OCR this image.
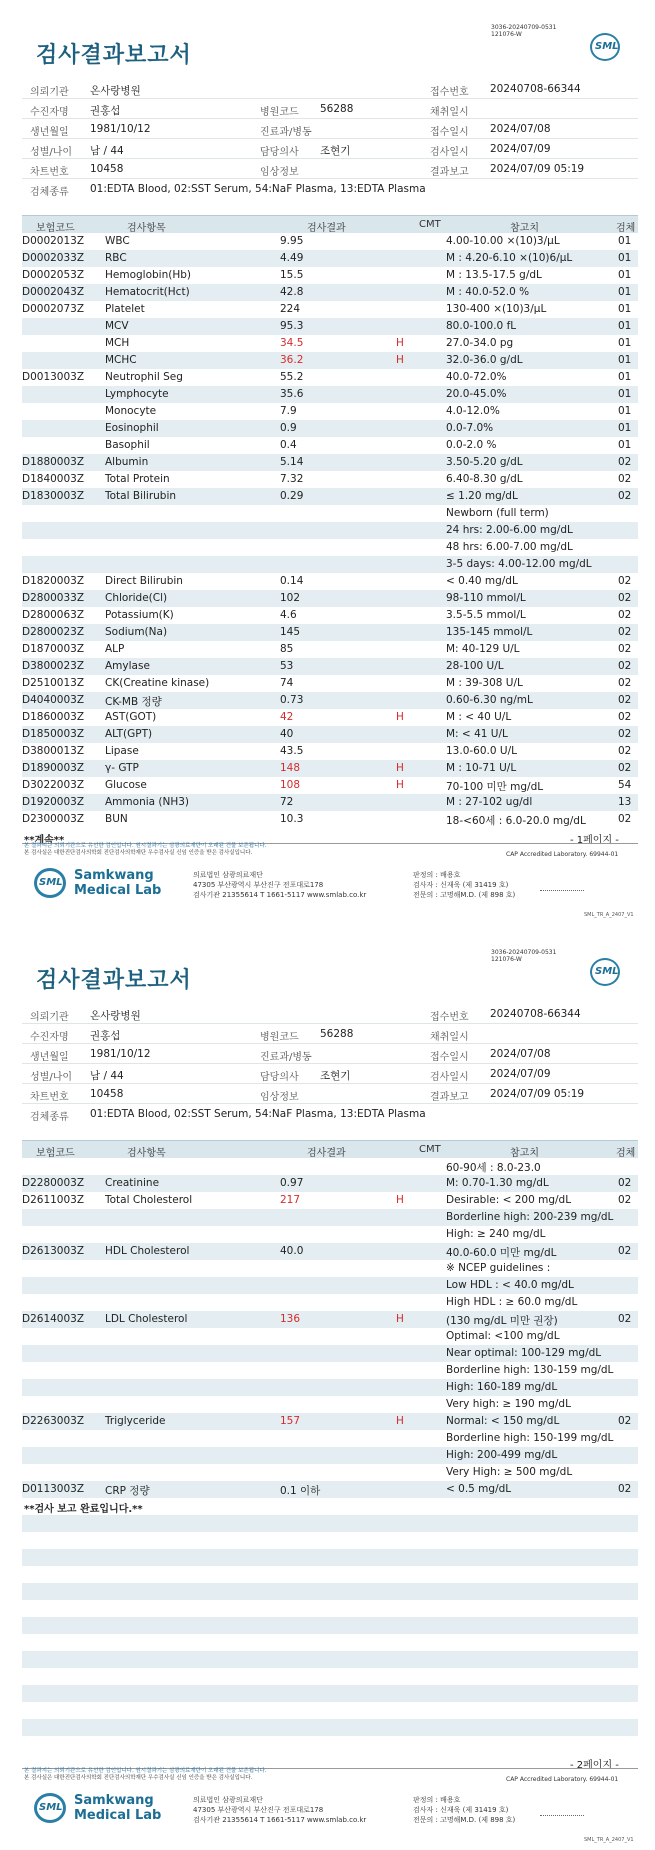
3036-20240709-0531
121076-W
검사결과보고서	SML
의뢰기관 온사랑병원	접수번호 20240708-66344
수진자명 권홍섭	병원코드 56288	채취일시
생년월일 1981/10/12	진료과/병동	접수일시 2024/07/08
성별/나이 남 / 44	담당의사 조현기	검사일시 2024/07/09
차트번호 10458	임상정보	결과보고 2024/07/09 05:19
검체종류 01:EDTA Blood, 02:SST Serum, 54:NaF Plasma, 13:EDTA Plasma
보험코드	검사항목	검사결과	CMT	참고치	검체
D0002013Z WBC	9.95	4.00-10.00 ×(10)3/μL	01
D0002033Z RBC	4.49	M : 4.20-6.10 ×(10)6/μL	01
D0002053Z Hemoglobin(Hb)	15.5	M : 13.5-17.5 g/dL	01
D0002043Z Hematocrit(Hct)	42.8	M : 40.0-52.0 %	01
D0002073Z Platelet	224	130-400 ×(10)3/μL	01
MCV	95.3	80.0-100.0 fL	01
MCH	34.5	H	27.0-34.0 pg	01
MCHC	36.2	H	32.0-36.0 g/dL	01
D0013003Z Neutrophil Seg	55.2	40.0-72.0%	01
Lymphocyte	35.6	20.0-45.0%	01
Monocyte	7.9	4.0-12.0%	01
Eosinophil	0.9	0.0-7.0%	01
Basophil	0.4	0.0-2.0 %	01
D1880003Z Albumin	5.14	3.50-5.20 g/dL	02
D1840003Z Total Protein	7.32	6.40-8.30 g/dL	02
D1830003Z Total Bilirubin	0.29	≤ 1.20 mg/dL	02
Newborn (full term)
24 hrs: 2.00-6.00 mg/dL
48 hrs: 6.00-7.00 mg/dL
3-5 days: 4.00-12.00 mg/dL
D1820003Z Direct Bilirubin	0.14	< 0.40 mg/dL	02
D2800033Z Chloride(Cl)	102	98-110 mmol/L	02
D2800063Z Potassium(K)	4.6	3.5-5.5 mmol/L	02
D2800023Z Sodium(Na)	145	135-145 mmol/L	02
D1870003Z ALP	85	M: 40-129 U/L	02
D3800023Z Amylase	53	28-100 U/L	02
D2510013Z CK(Creatine kinase)	74	M : 39-308 U/L	02
D4040003Z CK-MB 정량	0.73	0.60-6.30 ng/mL	02
D1860003Z AST(GOT)	42	H	M : < 40 U/L	02
D1850003Z ALT(GPT)	40	M: < 41 U/L	02
D3800013Z Lipase	43.5	13.0-60.0 U/L	02
D1890003Z γ- GTP	148	H	M : 10-71 U/L	02
D3022003Z Glucose	108	H	70-100 미만 mg/dL	54
D1920003Z Ammonia (NH3)	72	M : 27-102 ug/dl	13
D2300003Z BUN	10.3	18-<60세 : 6.0-20.0 mg/dL	02
**계속**	- 1페이지 -
본 결과지는 의뢰기관으로 유선한 검인입니다. 원시결과기는 삼광의료재단이 오래된 건물 보존됩니다.
본 검사실은 대한진단검사의학회 진단검사의학재단 우수검사실 신임 인증을 받은 검사실입니다.	CAP Accredited Laboratory. 69944-01
SML Samkwang
Medical Lab
의료법인 삼광의료재단
47305 부산광역시 부산진구 전포대로178
검사기관 21355614 T 1661-5117 www.smlab.co.kr
판정의 : 배용호
검사자 : 신재욱 (제 31419 호)
전문의 : 고명해M.D. (제 898 호)
SML_TR_A_2407_V1
3036-20240709-0531
121076-W
검사결과보고서	SML
의뢰기관 온사랑병원	접수번호 20240708-66344
수진자명 권홍섭	병원코드 56288	채취일시
생년월일 1981/10/12	진료과/병동	접수일시 2024/07/08
성별/나이 남 / 44	담당의사 조현기	검사일시 2024/07/09
차트번호 10458	임상정보	결과보고 2024/07/09 05:19
검체종류 01:EDTA Blood, 02:SST Serum, 54:NaF Plasma, 13:EDTA Plasma
보험코드	검사항목	검사결과	CMT	참고치	검체
60-90세 : 8.0-23.0
D2280003Z Creatinine	0.97	M: 0.70-1.30 mg/dL	02
D2611003Z Total Cholesterol	217	H	Desirable: < 200 mg/dL	02
Borderline high: 200-239 mg/dL
High: ≥ 240 mg/dL
D2613003Z HDL Cholesterol	40.0	40.0-60.0 미만 mg/dL	02
※ NCEP guidelines :
Low HDL : < 40.0 mg/dL
High HDL : ≥ 60.0 mg/dL
D2614003Z LDL Cholesterol	136	H	(130 mg/dL 미만 권장)	02
Optimal: <100 mg/dL
Near optimal: 100-129 mg/dL
Borderline high: 130-159 mg/dL
High: 160-189 mg/dL
Very high: ≥ 190 mg/dL
D2263003Z Triglyceride	157	H	Normal: < 150 mg/dL	02
Borderline high: 150-199 mg/dL
High: 200-499 mg/dL
Very High: ≥ 500 mg/dL
D0113003Z CRP 정량	0.1 이하	< 0.5 mg/dL	02
**검사 보고 완료입니다.**
- 2페이지 -
본 결과지는 의뢰기관으로 유선한 검인입니다. 원시결과기는 삼광의료재단이 오래된 건물 보존됩니다.
본 검사실은 대한진단검사의학회 진단검사의학재단 우수검사실 신임 인증을 받은 검사실입니다.	CAP Accredited Laboratory. 69944-01
SML Samkwang
Medical Lab
의료법인 삼광의료재단
47305 부산광역시 부산진구 전포대로178
검사기관 21355614 T 1661-5117 www.smlab.co.kr
판정의 : 배용호
검사자 : 신재욱 (제 31419 호)
전문의 : 고명해M.D. (제 898 호)
SML_TR_A_2407_V1
